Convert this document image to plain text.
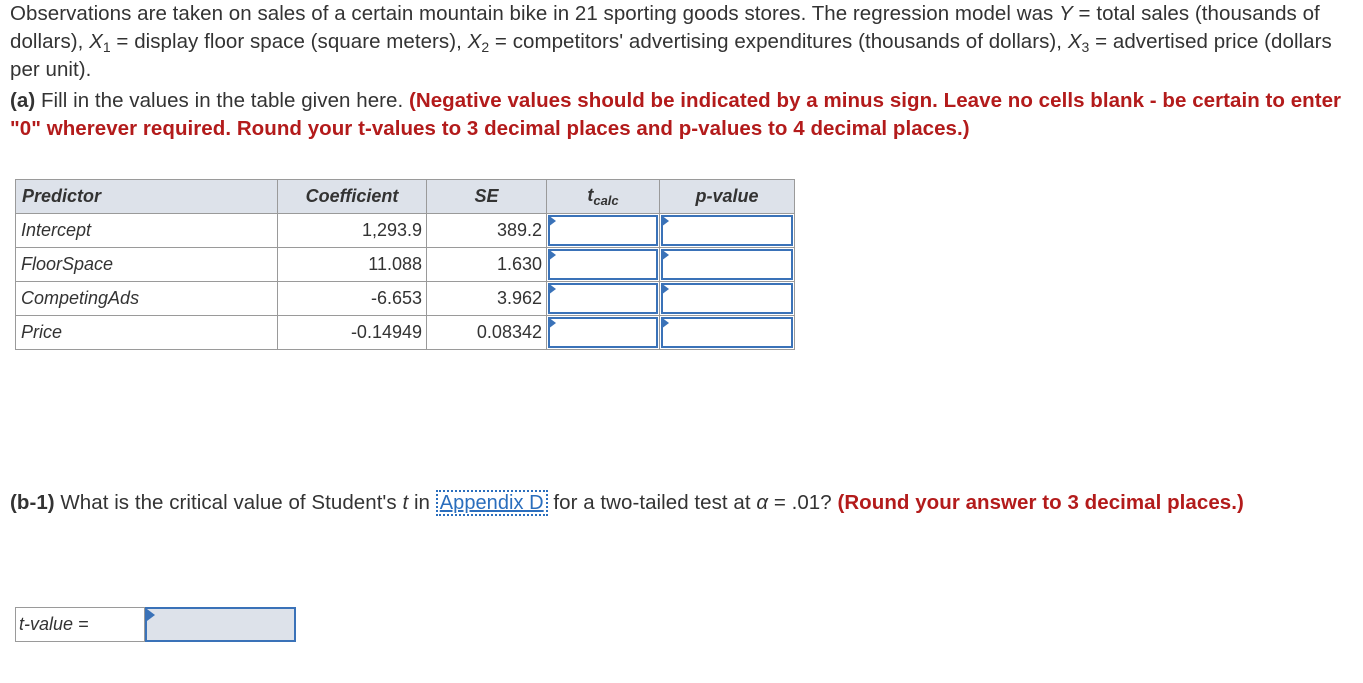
Observations are taken on sales of a certain mountain bike in 21 sporting goods stores. The regression model was Y = total sales (thousands of dollars), $X_1$ = display floor space (square meters), $X_2$ = competitors' advertising expenditures (thousands of dollars), $X_3$ = advertised price (dollars per unit).
(a) Fill in the values in the table given here. (Negative values should be indicated by a minus sign. Leave no cells blank - be certain to enter "0" wherever required. Round your t-values to 3 decimal places and p-values to 4 decimal places.)
Predictor	Coefficient	SE	$t_{calc}$	p-value
Intercept	1,293.9	389.2	

FloorSpace	11.088	1.630	

CompetingAds	-6.653	3.962	

Price	-0.14949	0.08342	

(b-1) What is the critical value of Student's t in Appendix D for a two-tailed test at α = .01? (Round your answer to 3 decimal places.)
t-value =
